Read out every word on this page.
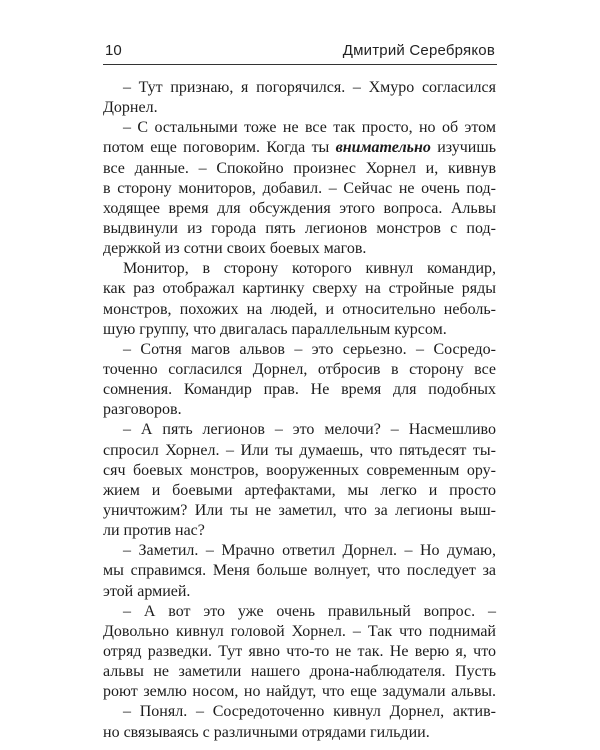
10	Дмитрий Серебряков
– Тут признаю, я погорячился. – Хмуро согласился
Дорнел.
– С остальными тоже не все так просто, но об этом
потом еще поговорим. Когда ты внимательно изучишь
все данные. – Спокойно произнес Хорнел и, кивнув
в сторону мониторов, добавил. – Сейчас не очень под-
ходящее время для обсуждения этого вопроса. Альвы
выдвинули из города пять легионов монстров с под-
держкой из сотни своих боевых магов.
Монитор, в сторону которого кивнул командир,
как раз отображал картинку сверху на стройные ряды
монстров, похожих на людей, и относительно неболь-
шую группу, что двигалась параллельным курсом.
– Сотня магов альвов – это серьезно. – Сосредо-
точенно согласился Дорнел, отбросив в сторону все
сомнения. Командир прав. Не время для подобных
разговоров.
– А пять легионов – это мелочи? – Насмешливо
спросил Хорнел. – Или ты думаешь, что пятьдесят ты-
сяч боевых монстров, вооруженных современным ору-
жием и боевыми артефактами, мы легко и просто
уничтожим? Или ты не заметил, что за легионы выш-
ли против нас?
– Заметил. – Мрачно ответил Дорнел. – Но думаю,
мы справимся. Меня больше волнует, что последует за
этой армией.
– А вот это уже очень правильный вопрос. –
Довольно кивнул головой Хорнел. – Так что поднимай
отряд разведки. Тут явно что-то не так. Не верю я, что
альвы не заметили нашего дрона-наблюдателя. Пусть
роют землю носом, но найдут, что еще задумали альвы.
– Понял. – Сосредоточенно кивнул Дорнел, актив-
но связываясь с различными отрядами гильдии.
